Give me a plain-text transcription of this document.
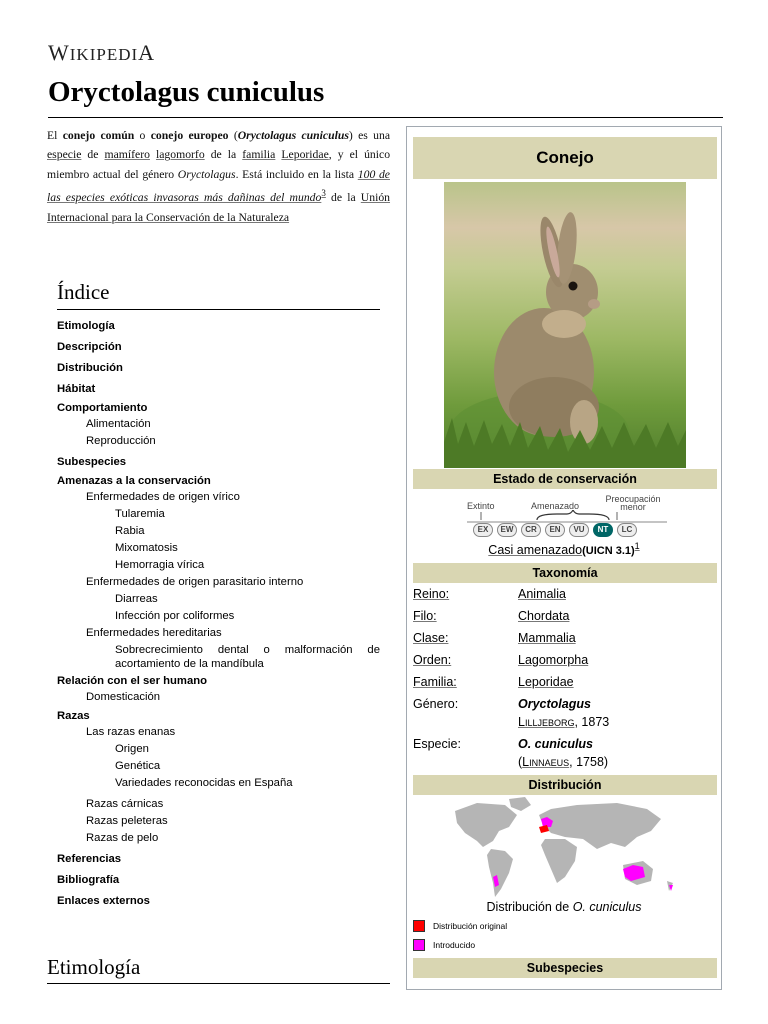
WIKIPEDIA
Oryctolagus cuniculus

El conejo común o conejo europeo (Oryctolagus cuniculus) es una especie de mamífero lagomorfo de la familia Leporidae, y el único miembro actual del género Oryctolagus. Está incluido en la lista 100 de las especies exóticas invasoras más dañinas del mundo$^3$ de la Unión Internacional para la Conservación de la Naturaleza

Índice
Etimología
Descripción
Distribución
Hábitat
Comportamiento
Alimentación
Reproducción
Subespecies
Amenazas a la conservación
Enfermedades de origen vírico
Tularemia
Rabia
Mixomatosis
Hemorragia vírica
Enfermedades de origen parasitario interno
Diarreas
Infección por coliformes
Enfermedades hereditarias
Sobrecrecimiento dental o malformación de acortamiento de la mandíbula
Relación con el ser humano
Domesticación
Razas
Las razas enanas
Origen
Genética
Variedades reconocidas en España
Razas cárnicas
Razas peleteras
Razas de pelo
Referencias
Bibliografía
Enlaces externos
Etimología
Conejo
Estado de conservación
Extinto	Amenazado
Preocupación menor
EX	EW	CR	EN	VU	NT	LC
Casi amenazado(UICN 3.1)$^1$
Taxonomía
Reino:	Animalia
Filo:	Chordata
Clase:	Mammalia
Orden:	Lagomorpha
Familia:	Leporidae
Género:	Oryctolagus
Lilljeborg, 1873
Especie:	O. cuniculus
(Linnaeus, 1758)
Distribución
Distribución de O. cuniculus
Distribución original
Introducido
Subespecies
